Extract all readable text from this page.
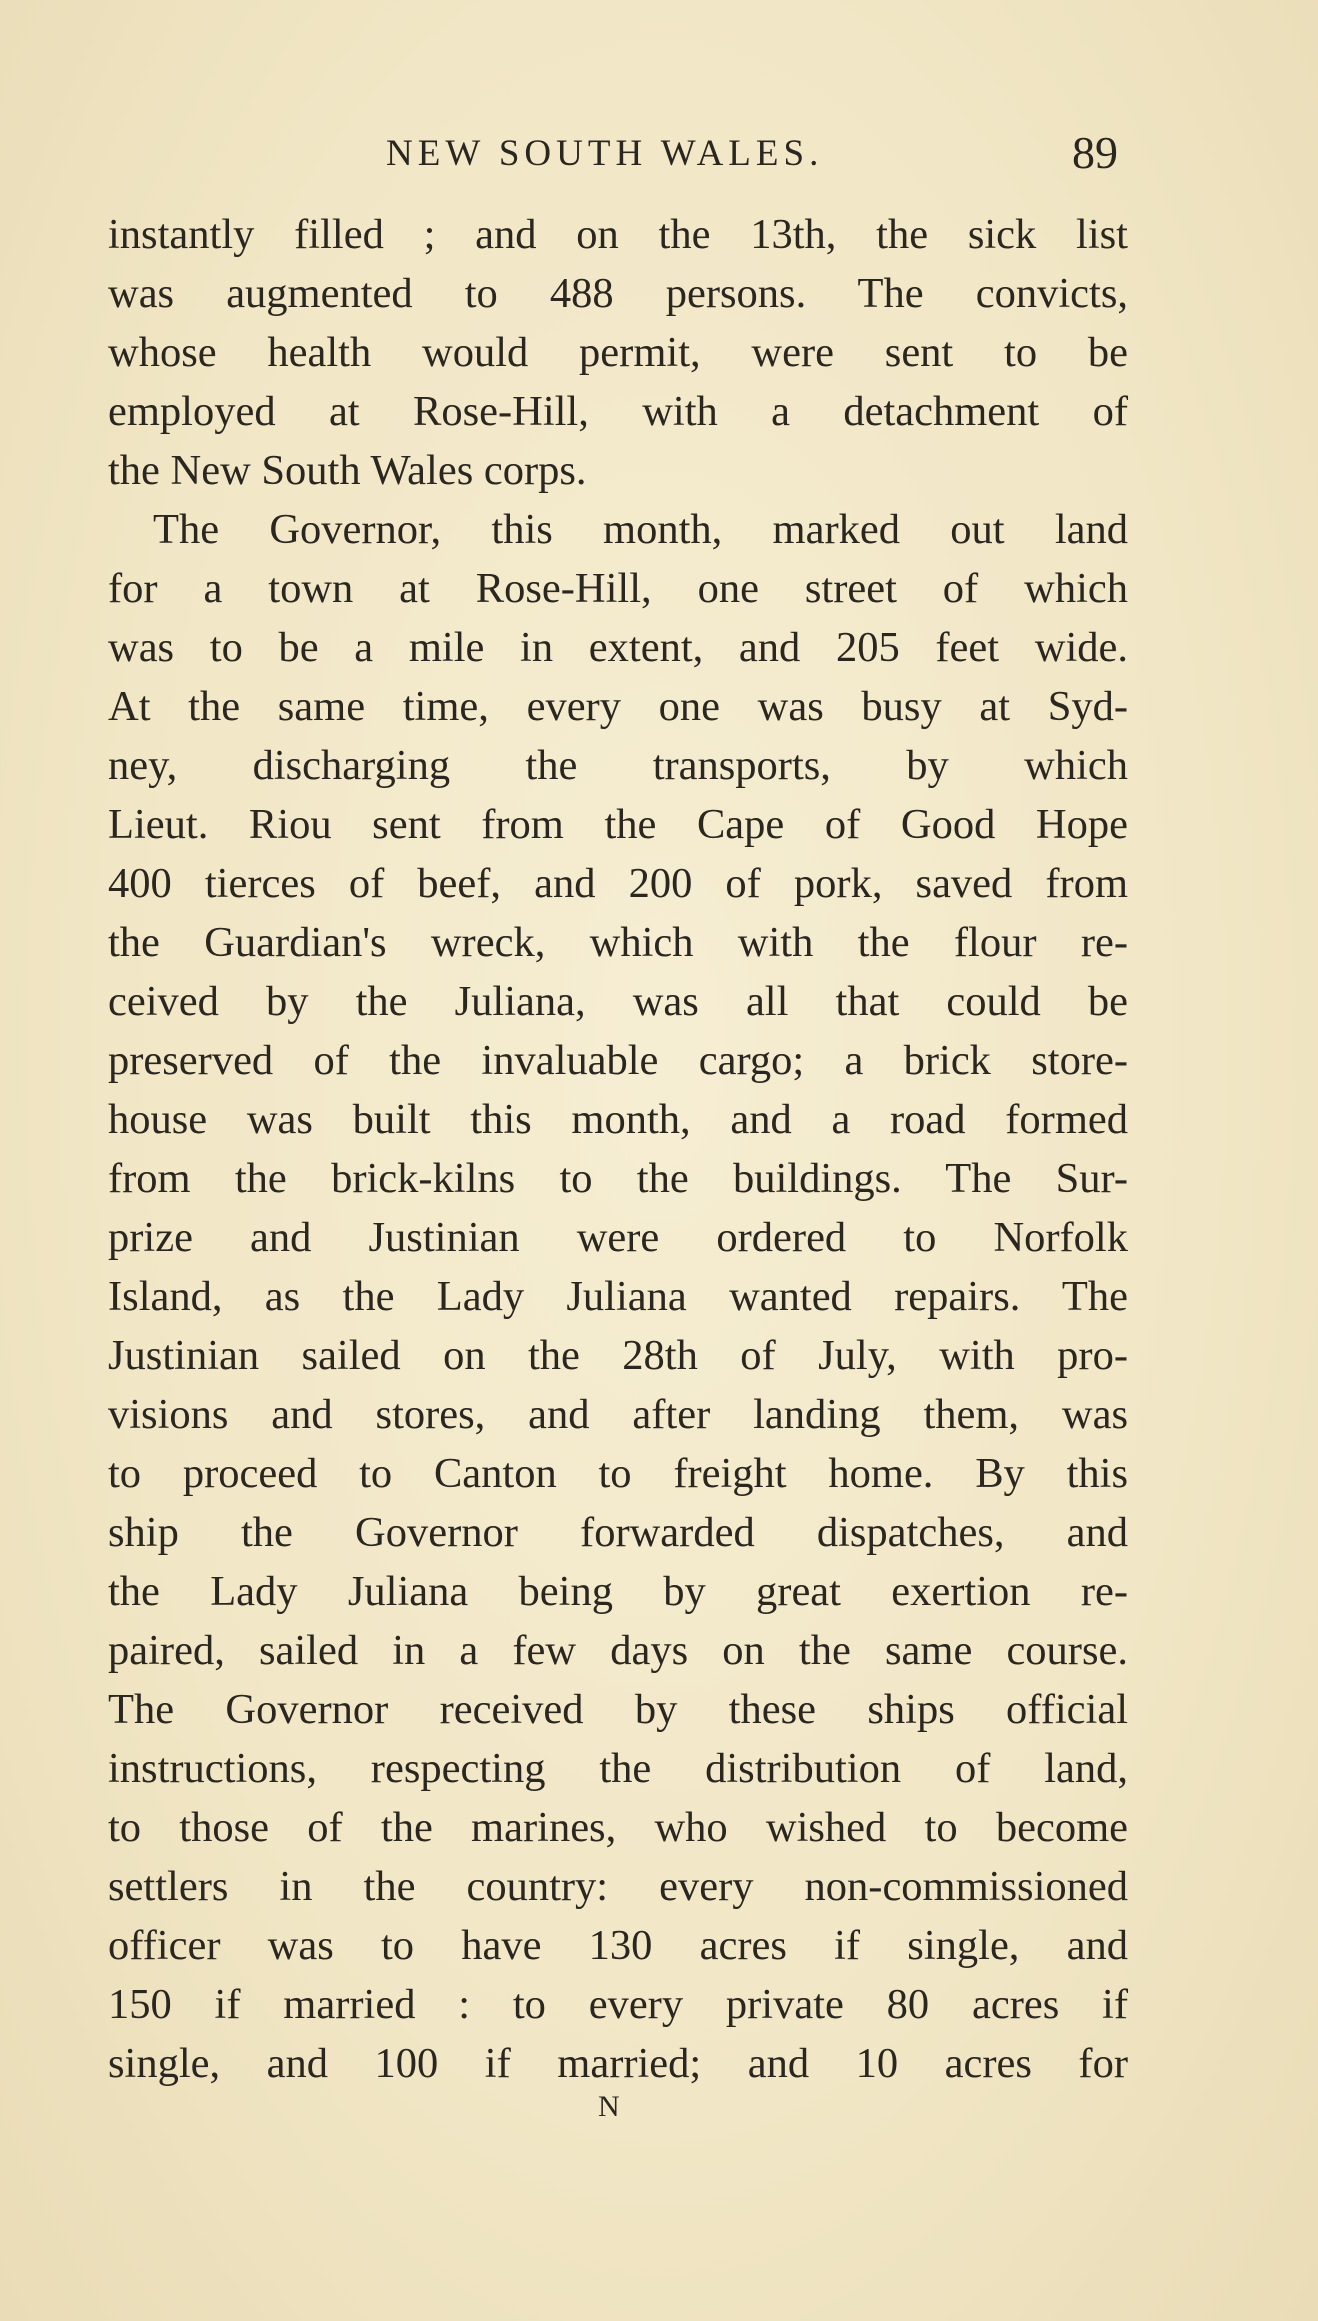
NEW SOUTH WALES.	89
instantly filled ; and on the 13th, the sick list
was augmented to 488 persons. The convicts,
whose health would permit, were sent to be
employed at Rose-Hill, with a detachment of
the New South Wales corps.
The Governor, this month, marked out land
for a town at Rose-Hill, one street of which
was to be a mile in extent, and 205 feet wide.
At the same time, every one was busy at Syd-
ney, discharging the transports, by which
Lieut. Riou sent from the Cape of Good Hope
400 tierces of beef, and 200 of pork, saved from
the Guardian's wreck, which with the flour re-
ceived by the Juliana, was all that could be
preserved of the invaluable cargo; a brick store-
house was built this month, and a road formed
from the brick-kilns to the buildings. The Sur-
prize and Justinian were ordered to Norfolk
Island, as the Lady Juliana wanted repairs. The
Justinian sailed on the 28th of July, with pro-
visions and stores, and after landing them, was
to proceed to Canton to freight home. By this
ship the Governor forwarded dispatches, and
the Lady Juliana being by great exertion re-
paired, sailed in a few days on the same course.
The Governor received by these ships official
instructions, respecting the distribution of land,
to those of the marines, who wished to become
settlers in the country: every non-commissioned
officer was to have 130 acres if single, and
150 if married : to every private 80 acres if
single, and 100 if married; and 10 acres for
N
